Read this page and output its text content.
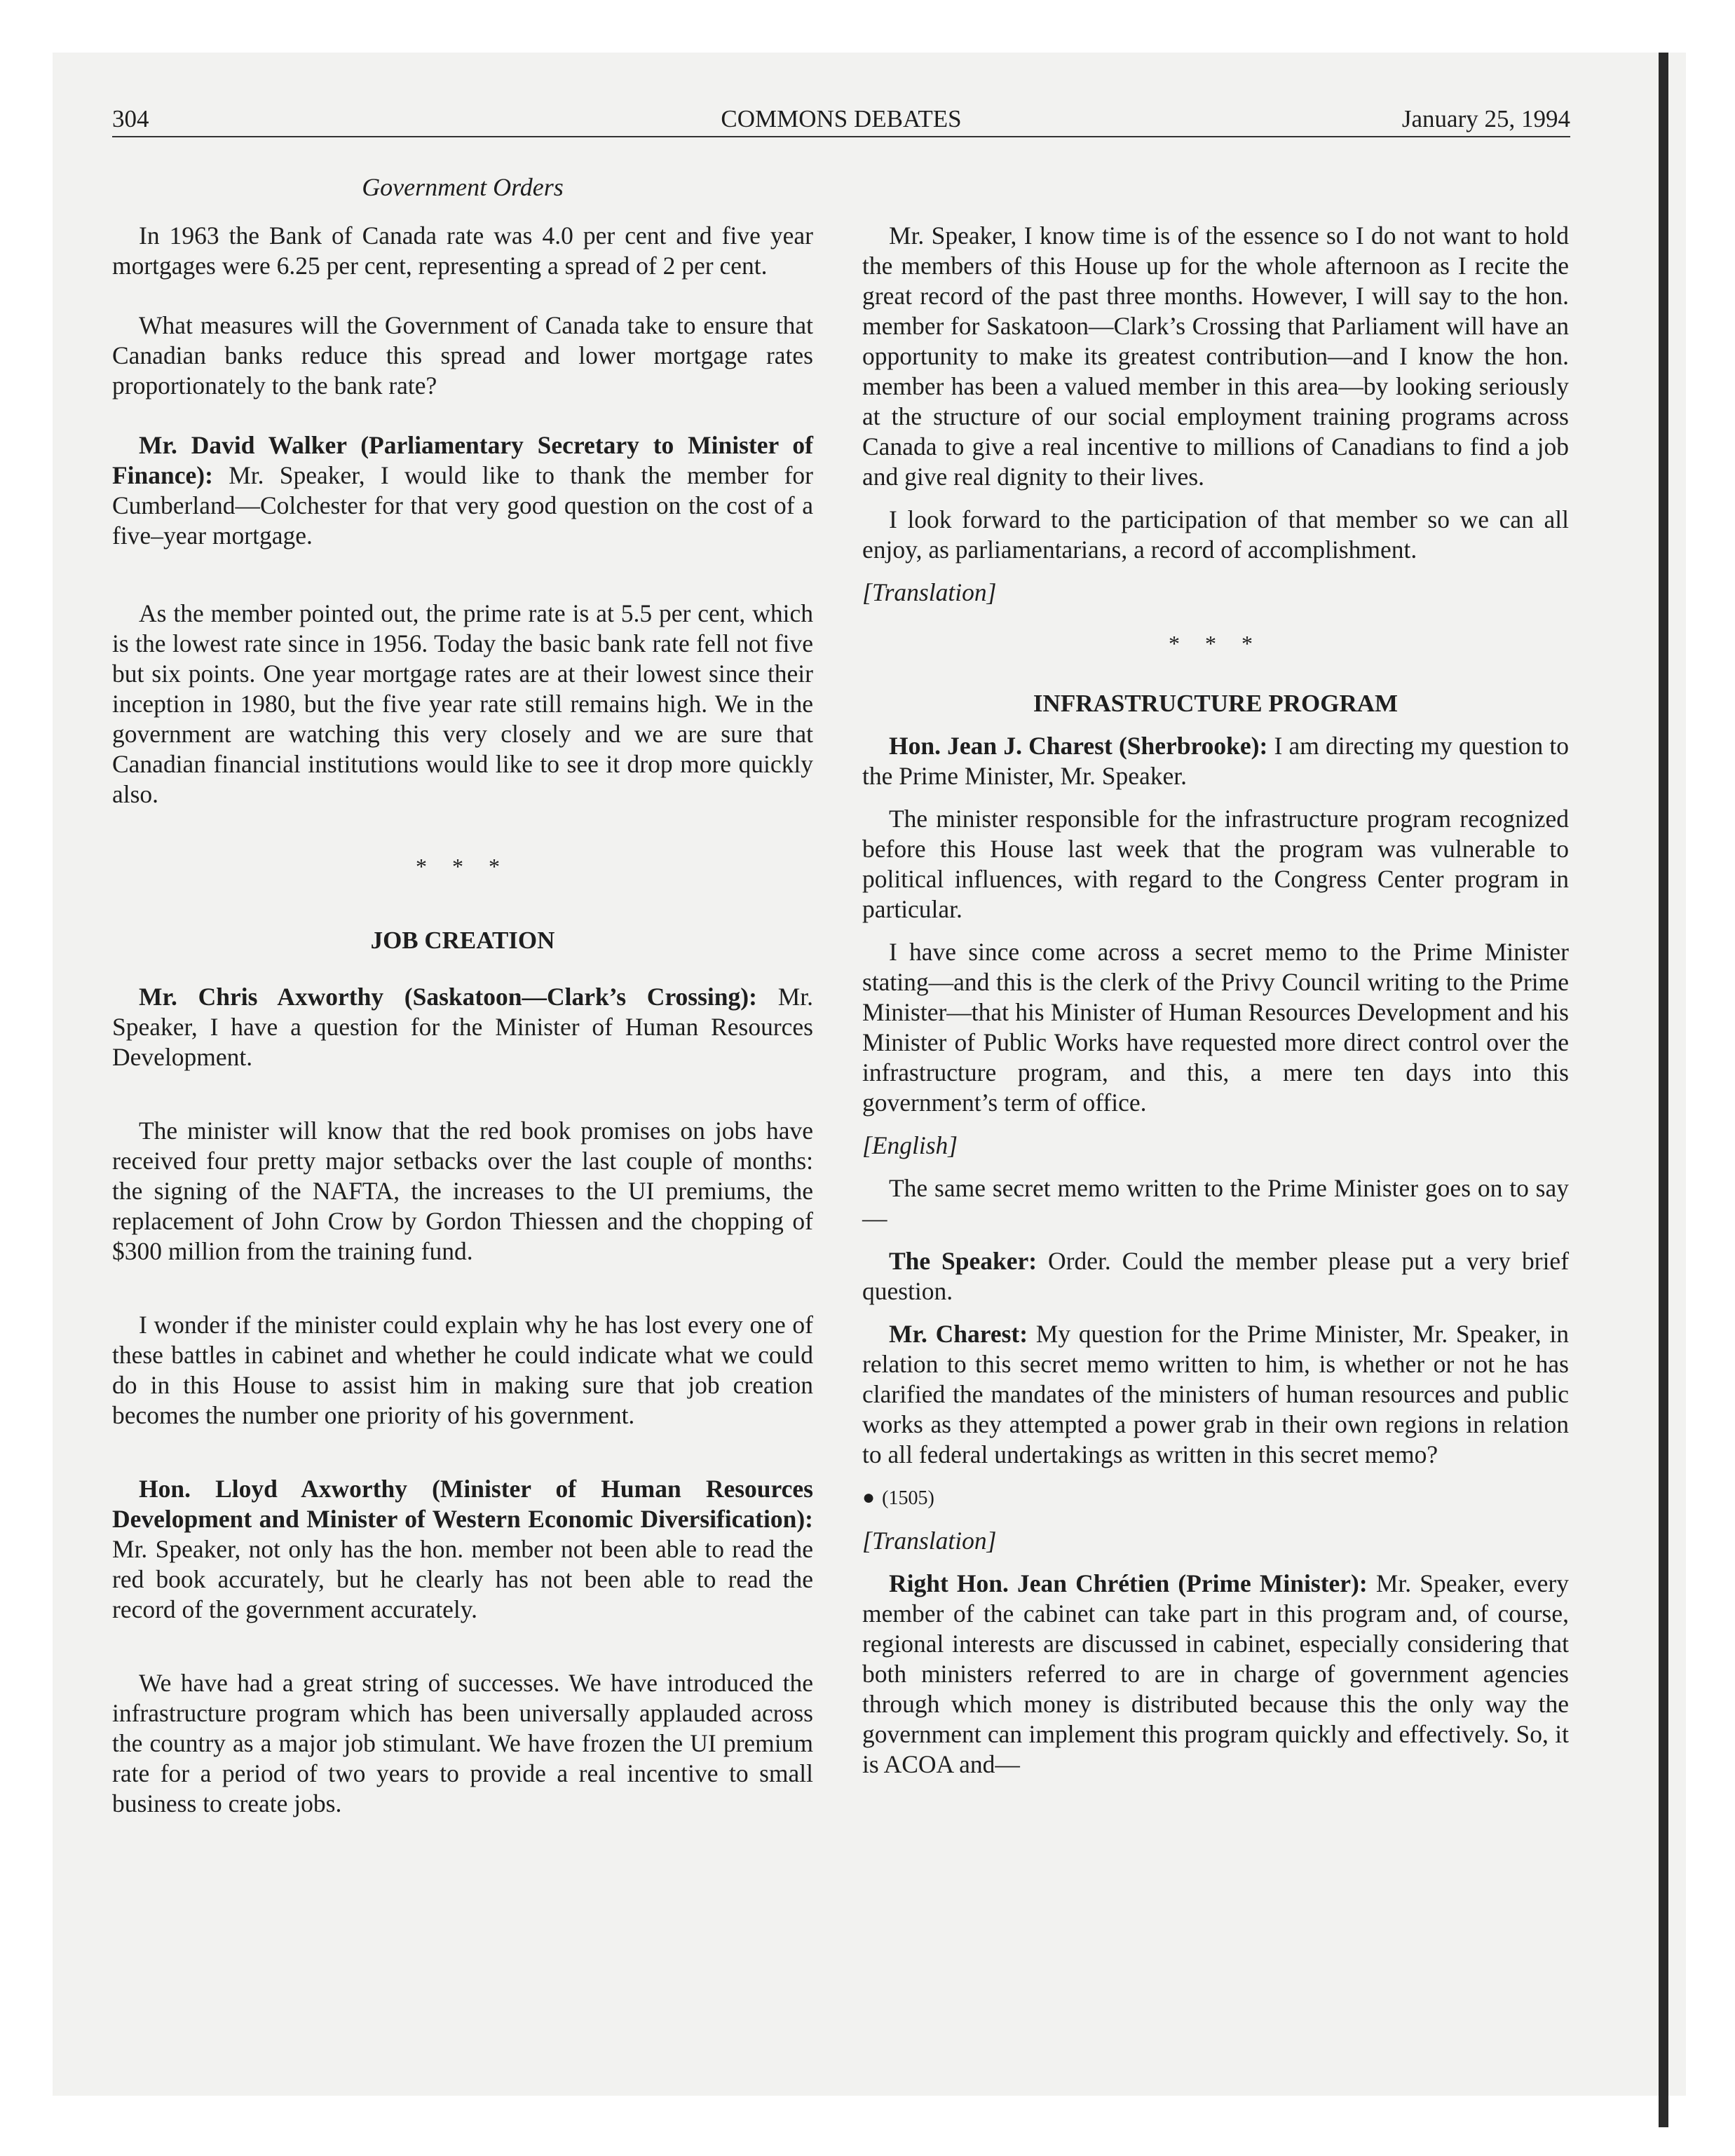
304	COMMONS DEBATES	January 25, 1994
Government Orders

In 1963 the Bank of Canada rate was 4.0 per cent and five year mortgages were 6.25 per cent, representing a spread of 2 per cent.

What measures will the Government of Canada take to ensure that Canadian banks reduce this spread and lower mortgage rates proportionately to the bank rate?

Mr. David Walker (Parliamentary Secretary to Minister of Finance): Mr. Speaker, I would like to thank the member for Cumberland—Colchester for that very good question on the cost of a five–year mortgage.

As the member pointed out, the prime rate is at 5.5 per cent, which is the lowest rate since in 1956. Today the basic bank rate fell not five but six points. One year mortgage rates are at their lowest since their inception in 1980, but the five year rate still remains high. We in the government are watching this very closely and we are sure that Canadian financial institutions would like to see it drop more quickly also.

* * *

JOB CREATION

Mr. Chris Axworthy (Saskatoon—Clark’s Crossing): Mr. Speaker, I have a question for the Minister of Human Resources Development.

The minister will know that the red book promises on jobs have received four pretty major setbacks over the last couple of months: the signing of the NAFTA, the increases to the UI premiums, the replacement of John Crow by Gordon Thiessen and the chopping of $300 million from the training fund.

I wonder if the minister could explain why he has lost every one of these battles in cabinet and whether he could indicate what we could do in this House to assist him in making sure that job creation becomes the number one priority of his government.

Hon. Lloyd Axworthy (Minister of Human Resources Development and Minister of Western Economic Diversification): Mr. Speaker, not only has the hon. member not been able to read the red book accurately, but he clearly has not been able to read the record of the government accurately.

We have had a great string of successes. We have introduced the infrastructure program which has been universally applauded across the country as a major job stimulant. We have frozen the UI premium rate for a period of two years to provide a real incentive to small business to create jobs.

Mr. Speaker, I know time is of the essence so I do not want to hold the members of this House up for the whole afternoon as I recite the great record of the past three months. However, I will say to the hon. member for Saskatoon—Clark’s Crossing that Parliament will have an opportunity to make its greatest contribution—and I know the hon. member has been a valued member in this area—by looking seriously at the structure of our social employment training programs across Canada to give a real incentive to millions of Canadians to find a job and give real dignity to their lives.

I look forward to the participation of that member so we can all enjoy, as parliamentarians, a record of accomplishment.

[Translation]

* * *

INFRASTRUCTURE PROGRAM

Hon. Jean J. Charest (Sherbrooke): I am directing my question to the Prime Minister, Mr. Speaker.

The minister responsible for the infrastructure program recognized before this House last week that the program was vulnerable to political influences, with regard to the Congress Center program in particular.

I have since come across a secret memo to the Prime Minister stating—and this is the clerk of the Privy Council writing to the Prime Minister—that his Minister of Human Resources Development and his Minister of Public Works have requested more direct control over the infrastructure program, and this, a mere ten days into this government’s term of office.

[English]

The same secret memo written to the Prime Minister goes on to say—

The Speaker: Order. Could the member please put a very brief question.

Mr. Charest: My question for the Prime Minister, Mr. Speaker, in relation to this secret memo written to him, is whether or not he has clarified the mandates of the ministers of human resources and public works as they attempted a power grab in their own regions in relation to all federal undertakings as written in this secret memo?

● (1505)

[Translation]

Right Hon. Jean Chrétien (Prime Minister): Mr. Speaker, every member of the cabinet can take part in this program and, of course, regional interests are discussed in cabinet, especially considering that both ministers referred to are in charge of government agencies through which money is distributed because this the only way the government can implement this program quickly and effectively. So, it is ACOA and—
